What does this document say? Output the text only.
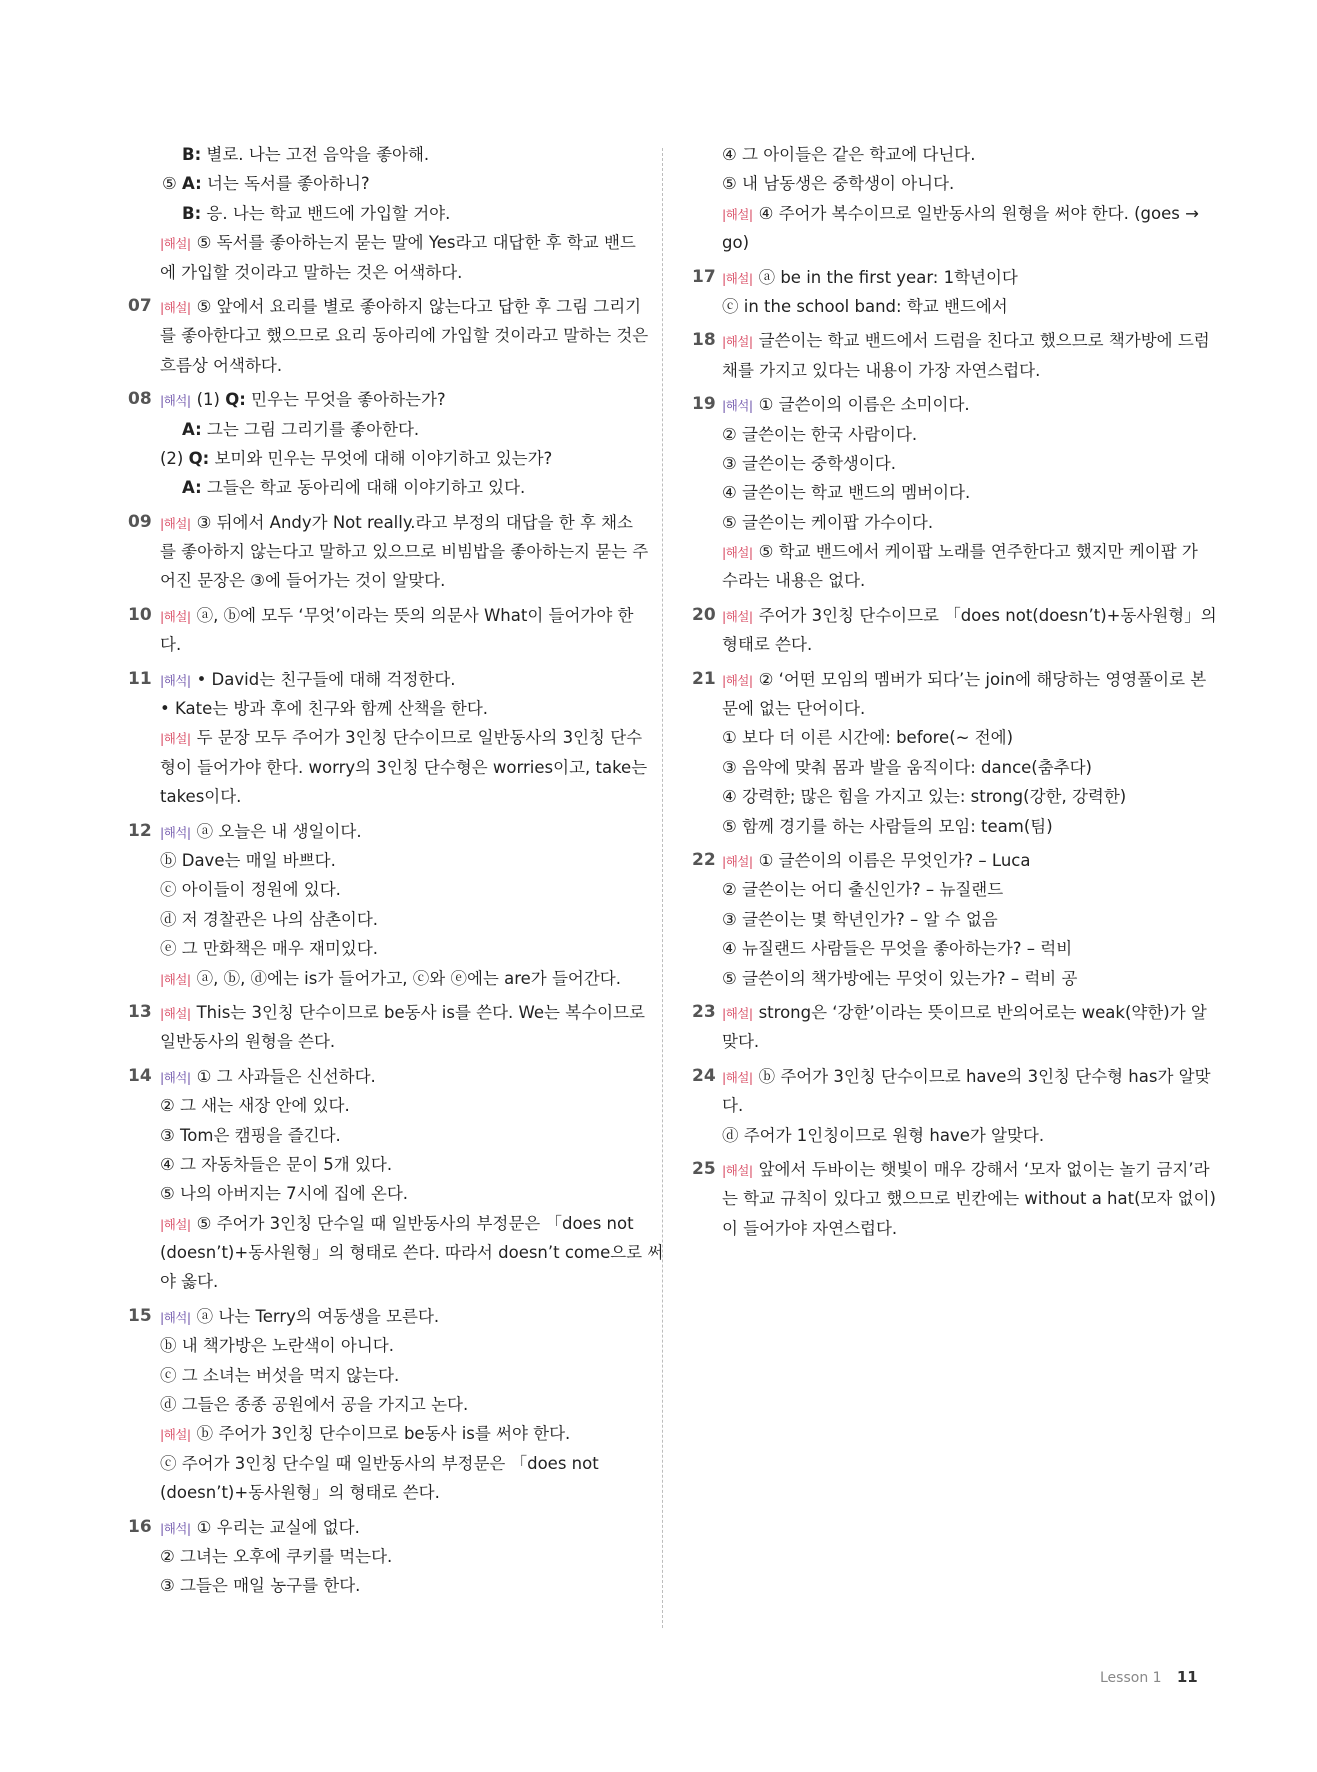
B: 별로. 나는 고전 음악을 좋아해.
⑤ A: 너는 독서를 좋아하니?
B: 응. 나는 학교 밴드에 가입할 거야.
|해설| ⑤ 독서를 좋아하는지 묻는 말에 Yes라고 대답한 후 학교 밴드
에 가입할 것이라고 말하는 것은 어색하다.
07 |해설| ⑤ 앞에서 요리를 별로 좋아하지 않는다고 답한 후 그림 그리기
를 좋아한다고 했으므로 요리 동아리에 가입할 것이라고 말하는 것은
흐름상 어색하다.
08 |해석| (1) Q: 민우는 무엇을 좋아하는가?
A: 그는 그림 그리기를 좋아한다.
(2) Q: 보미와 민우는 무엇에 대해 이야기하고 있는가?
A: 그들은 학교 동아리에 대해 이야기하고 있다.
09 |해설| ③ 뒤에서 Andy가 Not really.라고 부정의 대답을 한 후 채소
를 좋아하지 않는다고 말하고 있으므로 비빔밥을 좋아하는지 묻는 주
어진 문장은 ③에 들어가는 것이 알맞다.
10 |해설| ⓐ, ⓑ에 모두 ‘무엇’이라는 뜻의 의문사 What이 들어가야 한
다.
11 |해석| • David는 친구들에 대해 걱정한다.
• Kate는 방과 후에 친구와 함께 산책을 한다.
|해설| 두 문장 모두 주어가 3인칭 단수이므로 일반동사의 3인칭 단수
형이 들어가야 한다. worry의 3인칭 단수형은 worries이고, take는
takes이다.
12 |해석| ⓐ 오늘은 내 생일이다.
ⓑ Dave는 매일 바쁘다.
ⓒ 아이들이 정원에 있다.
ⓓ 저 경찰관은 나의 삼촌이다.
ⓔ 그 만화책은 매우 재미있다.
|해설| ⓐ, ⓑ, ⓓ에는 is가 들어가고, ⓒ와 ⓔ에는 are가 들어간다.
13 |해설| This는 3인칭 단수이므로 be동사 is를 쓴다. We는 복수이므로
일반동사의 원형을 쓴다.
14 |해석| ① 그 사과들은 신선하다.
② 그 새는 새장 안에 있다.
③ Tom은 캠핑을 즐긴다.
④ 그 자동차들은 문이 5개 있다.
⑤ 나의 아버지는 7시에 집에 온다.
|해설| ⑤ 주어가 3인칭 단수일 때 일반동사의 부정문은 「does not
(doesn’t)+동사원형」의 형태로 쓴다. 따라서 doesn’t come으로 써
야 옳다.
15 |해석| ⓐ 나는 Terry의 여동생을 모른다.
ⓑ 내 책가방은 노란색이 아니다.
ⓒ 그 소녀는 버섯을 먹지 않는다.
ⓓ 그들은 종종 공원에서 공을 가지고 논다.
|해설| ⓑ 주어가 3인칭 단수이므로 be동사 is를 써야 한다.
ⓒ 주어가 3인칭 단수일 때 일반동사의 부정문은 「does not
(doesn’t)+동사원형」의 형태로 쓴다.
16 |해석| ① 우리는 교실에 없다.
② 그녀는 오후에 쿠키를 먹는다.
③ 그들은 매일 농구를 한다.
④ 그 아이들은 같은 학교에 다닌다.
⑤ 내 남동생은 중학생이 아니다.
|해설| ④ 주어가 복수이므로 일반동사의 원형을 써야 한다. (goes →
go)
17 |해설| ⓐ be in the first year: 1학년이다
ⓒ in the school band: 학교 밴드에서
18 |해설| 글쓴이는 학교 밴드에서 드럼을 친다고 했으므로 책가방에 드럼
채를 가지고 있다는 내용이 가장 자연스럽다.
19 |해석| ① 글쓴이의 이름은 소미이다.
② 글쓴이는 한국 사람이다.
③ 글쓴이는 중학생이다.
④ 글쓴이는 학교 밴드의 멤버이다.
⑤ 글쓴이는 케이팝 가수이다.
|해설| ⑤ 학교 밴드에서 케이팝 노래를 연주한다고 했지만 케이팝 가
수라는 내용은 없다.
20 |해설| 주어가 3인칭 단수이므로 「does not(doesn’t)+동사원형」의
형태로 쓴다.
21 |해설| ② ‘어떤 모임의 멤버가 되다’는 join에 해당하는 영영풀이로 본
문에 없는 단어이다.
① 보다 더 이른 시간에: before(~ 전에)
③ 음악에 맞춰 몸과 발을 움직이다: dance(춤추다)
④ 강력한; 많은 힘을 가지고 있는: strong(강한, 강력한)
⑤ 함께 경기를 하는 사람들의 모임: team(팀)
22 |해설| ① 글쓴이의 이름은 무엇인가? – Luca
② 글쓴이는 어디 출신인가? – 뉴질랜드
③ 글쓴이는 몇 학년인가? – 알 수 없음
④ 뉴질랜드 사람들은 무엇을 좋아하는가? – 럭비
⑤ 글쓴이의 책가방에는 무엇이 있는가? – 럭비 공
23 |해설| strong은 ‘강한’이라는 뜻이므로 반의어로는 weak(약한)가 알
맞다.
24 |해설| ⓑ 주어가 3인칭 단수이므로 have의 3인칭 단수형 has가 알맞
다.
ⓓ 주어가 1인칭이므로 원형 have가 알맞다.
25 |해설| 앞에서 두바이는 햇빛이 매우 강해서 ‘모자 없이는 놀기 금지’라
는 학교 규칙이 있다고 했으므로 빈칸에는 without a hat(모자 없이)
이 들어가야 자연스럽다.
Lesson 1 11
